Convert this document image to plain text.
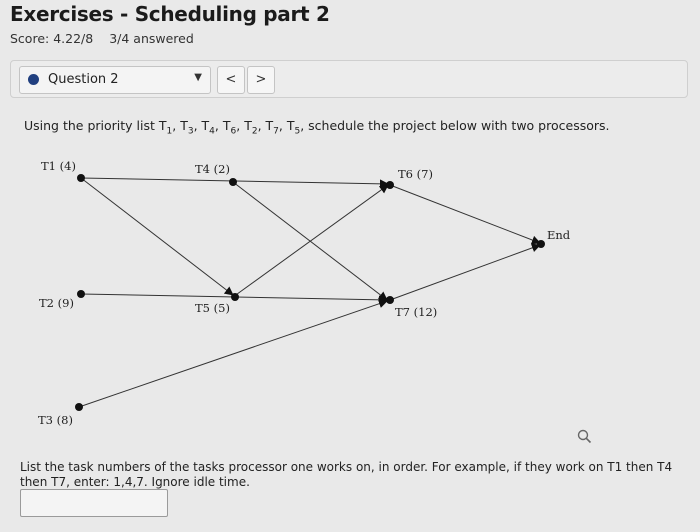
Exercises - Scheduling part 2
Score: 4.22/8 3/4 answered
Question 2	▼	<	>
Using the priority list $T_1$, $T_3$, $T_4$, $T_6$, $T_2$, $T_7$, $T_5$, schedule the project below with two processors.
T1 (4)	T4 (2)	T6 (7)
End
T2 (9)	T5 (5)	T7 (12)
T3 (8)
List the task numbers of the tasks processor one works on, in order. For example, if they work on T1 then T4 then T7, enter: 1,4,7. Ignore idle time.
